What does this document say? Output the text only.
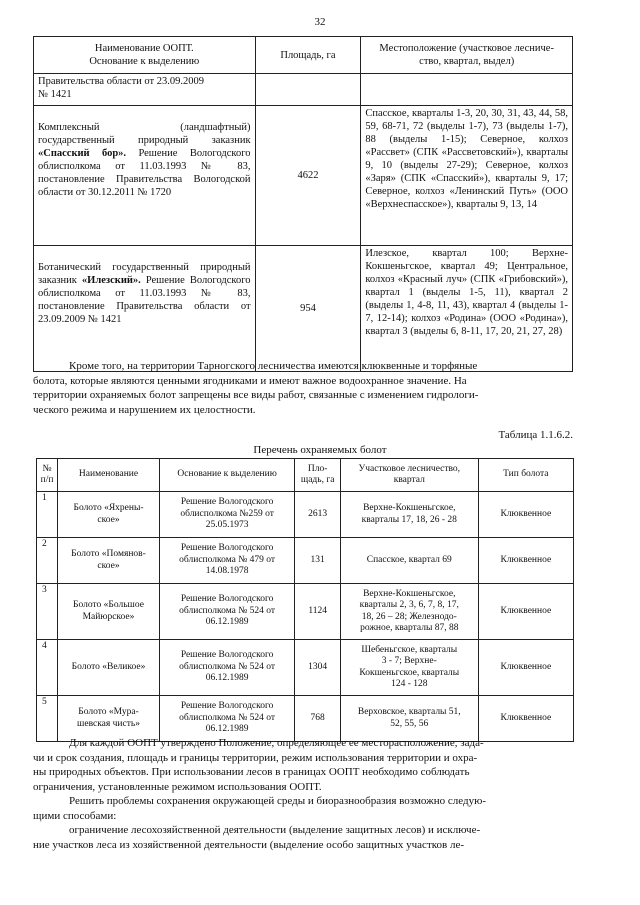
32
Наименование ООПТ.
Основание к выделению	Площадь, га	Местоположение (участковое лесниче-
ство, квартал, выдел)

Правительства области от 23.09.2009
№ 1421		

Комплексный (ландшафтный) государственный природный заказник «Спасский бор». Решение Вологодского облисполкома от 11.03.1993 № 83, постановление Правительства Вологодской области от 30.12.2011 № 1720	4622	Спасское, кварталы 1-3, 20, 30, 31, 43, 44, 58, 59, 68-71, 72 (выделы 1-7), 73 (выделы 1-7), 88 (выделы 1-15); Северное, колхоз «Рассвет» (СПК «Рассветовский»), кварталы 9, 10 (выделы 27-29); Северное, колхоз «Заря» (СПК «Спасский»), кварталы 9, 17; Северное, колхоз «Ленинский Путь» (ООО «Верхнеспасское»), кварталы 9, 13, 14

Ботанический государственный природный заказник «Илезский». Решение Вологодского облисполкома от 11.03.1993 № 83, постановление Правительства области от 23.09.2009 № 1421	954	Илезское, квартал 100; Верхне-Кокшеньгское, квартал 49; Центральное, колхоз «Красный луч» (СПК «Грибовский»), квартал 1 (выделы 1-5, 11), квартал 2 (выделы 1, 4-8, 11, 43), квартал 4 (выделы 1-7, 12-14); колхоз «Родина» (ООО «Родина»), квартал 3 (выделы 6, 8-11, 17, 20, 21, 27, 28)
Кроме того, на территории Тарногского лесничества имеются клюквенные и торфяные
болота, которые являются ценными ягодниками и имеют важное водоохранное значение. На
территории охраняемых болот запрещены все виды работ, связанные с изменением гидрологи-
ческого режима и нарушением их целостности.
Таблица 1.1.6.2.
Перечень охраняемых болот
№
п/п	Наименование	Основание к выделению	Пло-
щадь, га	Участковое лесничество,
квартал	Тип болота
1	Болото «Яхрены-
ское»	Решение Вологодского
облисполкома №259 от
25.05.1973	2613	Верхне-Кокшеньгское,
кварталы 17, 18, 26 - 28	Клюквенное
2	Болото «Помянов-
ское»	Решение Вологодского
облисполкома № 479 от
14.08.1978	131	Спасское, квартал 69	Клюквенное
3	Болото «Большое
Майюрское»	Решение Вологодского
облисполкома № 524 от
06.12.1989	1124	Верхне-Кокшеньгское,
кварталы 2, 3, 6, 7, 8, 17,
18, 26 – 28; Железнодо-
рожное, кварталы 87, 88	Клюквенное
4	Болото «Великое»	Решение Вологодского
облисполкома № 524 от
06.12.1989	1304	Шебеньгское, кварталы
3 - 7; Верхне-
Кокшеньгское, кварталы
124 - 128	Клюквенное
5	Болото «Мура-
шевская чисть»	Решение Вологодского
облисполкома № 524 от
06.12.1989	768	Верховское, кварталы 51,
52, 55, 56	Клюквенное
Для каждой ООПТ утверждено Положение, определяющее ее месторасположение, зада-
чи и срок создания, площадь и границы территории, режим использования территории и охра-
ны природных объектов. При использовании лесов в границах ООПТ необходимо соблюдать
ограничения, установленные режимом использования ООПТ.
Решить проблемы сохранения окружающей среды и биоразнообразия возможно следую-
щими способами:
ограничение лесохозяйственной деятельности (выделение защитных лесов) и исключе-
ние участков леса из хозяйственной деятельности (выделение особо защитных участков ле-
